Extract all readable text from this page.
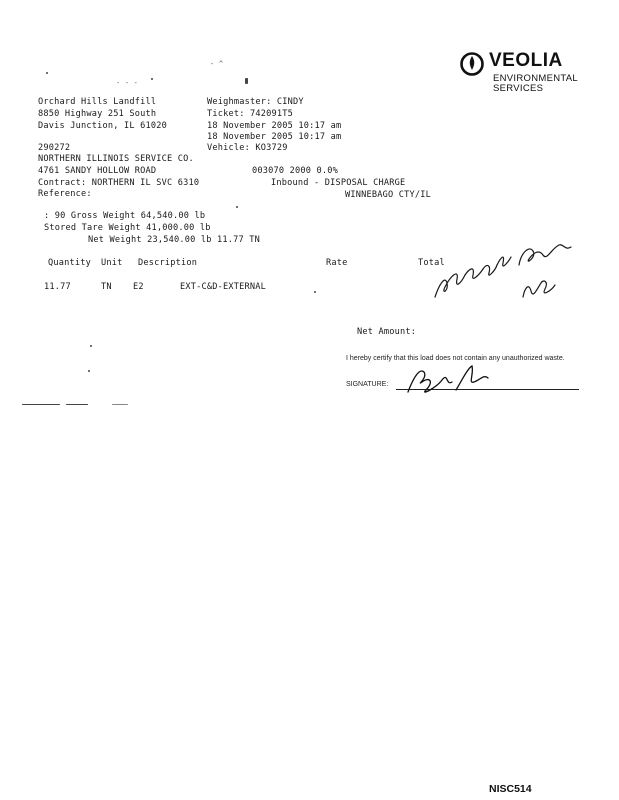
VEOLIA
ENVIRONMENTAL
SERVICES
- ^
- - -
Orchard Hills Landfill
8850 Highway 251 South
Davis Junction, IL 61020
Weighmaster: CINDY
Ticket: 742091T5
18 November 2005 10:17 am
18 November 2005 10:17 am
Vehicle: KO3729
290272
NORTHERN ILLINOIS SERVICE CO.
4761 SANDY HOLLOW ROAD
Contract: NORTHERN IL SVC 6310
Reference:
003070 2000 0.0%
Inbound - DISPOSAL CHARGE
WINNEBAGO CTY/IL
: 90 Gross Weight 64,540.00 lb
Stored Tare Weight 41,000.00 lb
Net Weight 23,540.00 lb 11.77 TN
Quantity Unit Description	Rate	Total
11.77	TN E2	EXT-C&D-EXTERNAL
Net Amount:
I hereby certify that this load does not contain any unauthorized waste.
SIGNATURE:
NISC514
